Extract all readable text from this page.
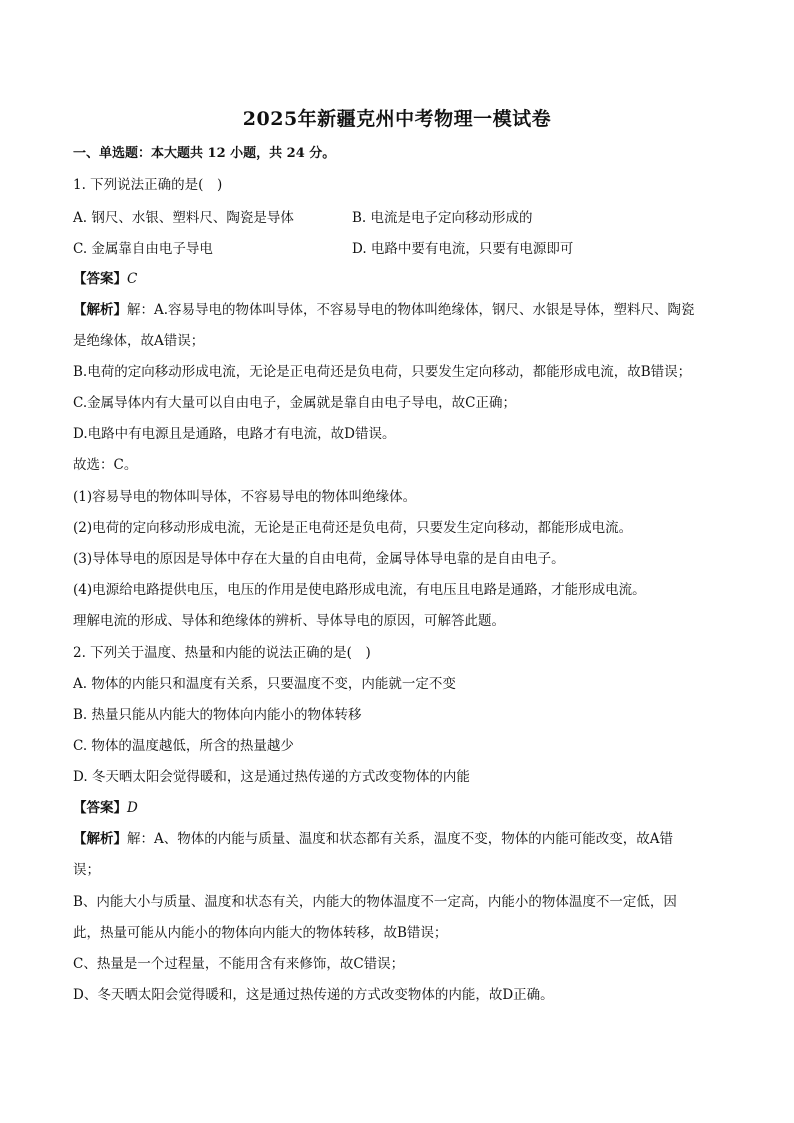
2025年新疆克州中考物理一模试卷
一、单选题：本大题共 12 小题，共 24 分。
1. 下列说法正确的是(　)
A. 钢尺、水银、塑料尺、陶瓷是导体	B. 电流是电子定向移动形成的
C. 金属靠自由电子导电	D. 电路中要有电流，只要有电源即可
【答案】C
【解析】解：A.容易导电的物体叫导体，不容易导电的物体叫绝缘体，钢尺、水银是导体，塑料尺、陶瓷
是绝缘体，故A错误；
B.电荷的定向移动形成电流，无论是正电荷还是负电荷，只要发生定向移动，都能形成电流，故B错误；
C.金属导体内有大量可以自由电子，金属就是靠自由电子导电，故C正确；
D.电路中有电源且是通路，电路才有电流，故D错误。
故选：C。
(1)容易导电的物体叫导体，不容易导电的物体叫绝缘体。
(2)电荷的定向移动形成电流，无论是正电荷还是负电荷，只要发生定向移动，都能形成电流。
(3)导体导电的原因是导体中存在大量的自由电荷，金属导体导电靠的是自由电子。
(4)电源给电路提供电压，电压的作用是使电路形成电流，有电压且电路是通路，才能形成电流。
理解电流的形成、导体和绝缘体的辨析、导体导电的原因，可解答此题。
2. 下列关于温度、热量和内能的说法正确的是(　)
A. 物体的内能只和温度有关系，只要温度不变，内能就一定不变
B. 热量只能从内能大的物体向内能小的物体转移
C. 物体的温度越低，所含的热量越少
D. 冬天晒太阳会觉得暖和，这是通过热传递的方式改变物体的内能
【答案】D
【解析】解：A、物体的内能与质量、温度和状态都有关系，温度不变，物体的内能可能改变，故A错
误；
B、内能大小与质量、温度和状态有关，内能大的物体温度不一定高，内能小的物体温度不一定低，因
此，热量可能从内能小的物体向内能大的物体转移，故B错误；
C、热量是一个过程量，不能用含有来修饰，故C错误；
D、冬天晒太阳会觉得暖和，这是通过热传递的方式改变物体的内能，故D正确。
